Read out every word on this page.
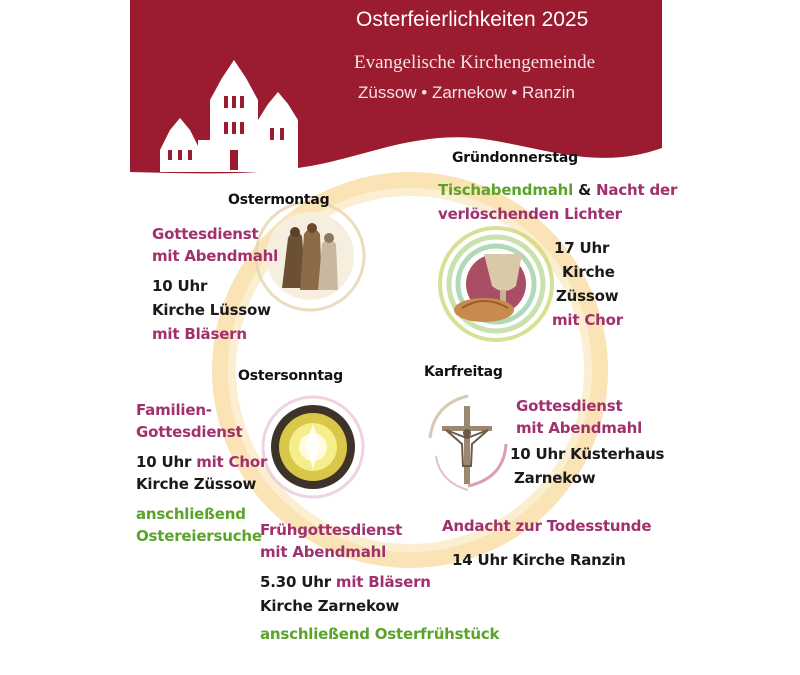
Osterfeierlichkeiten 2025
Evangelische Kirchengemeinde
Züssow • Zarnekow • Ranzin
Ostermontag
Gottesdienst
mit Abendmahl
10 Uhr
Kirche Lüssow
mit Bläsern
Gründonnerstag
Tischabendmahl & Nacht der
verlöschenden Lichter
17 Uhr
Kirche
Züssow
mit Chor
Karfreitag
Gottesdienst
mit Abendmahl
10 Uhr Küsterhaus
Zarnekow
Andacht zur Todesstunde
14 Uhr Kirche Ranzin
Ostersonntag
Familien-
Gottesdienst
10 Uhr mit Chor
Kirche Züssow
anschließend
Ostereiersuche
Frühgottesdienst
mit Abendmahl
5.30 Uhr mit Bläsern
Kirche Zarnekow
anschließend Osterfrühstück
